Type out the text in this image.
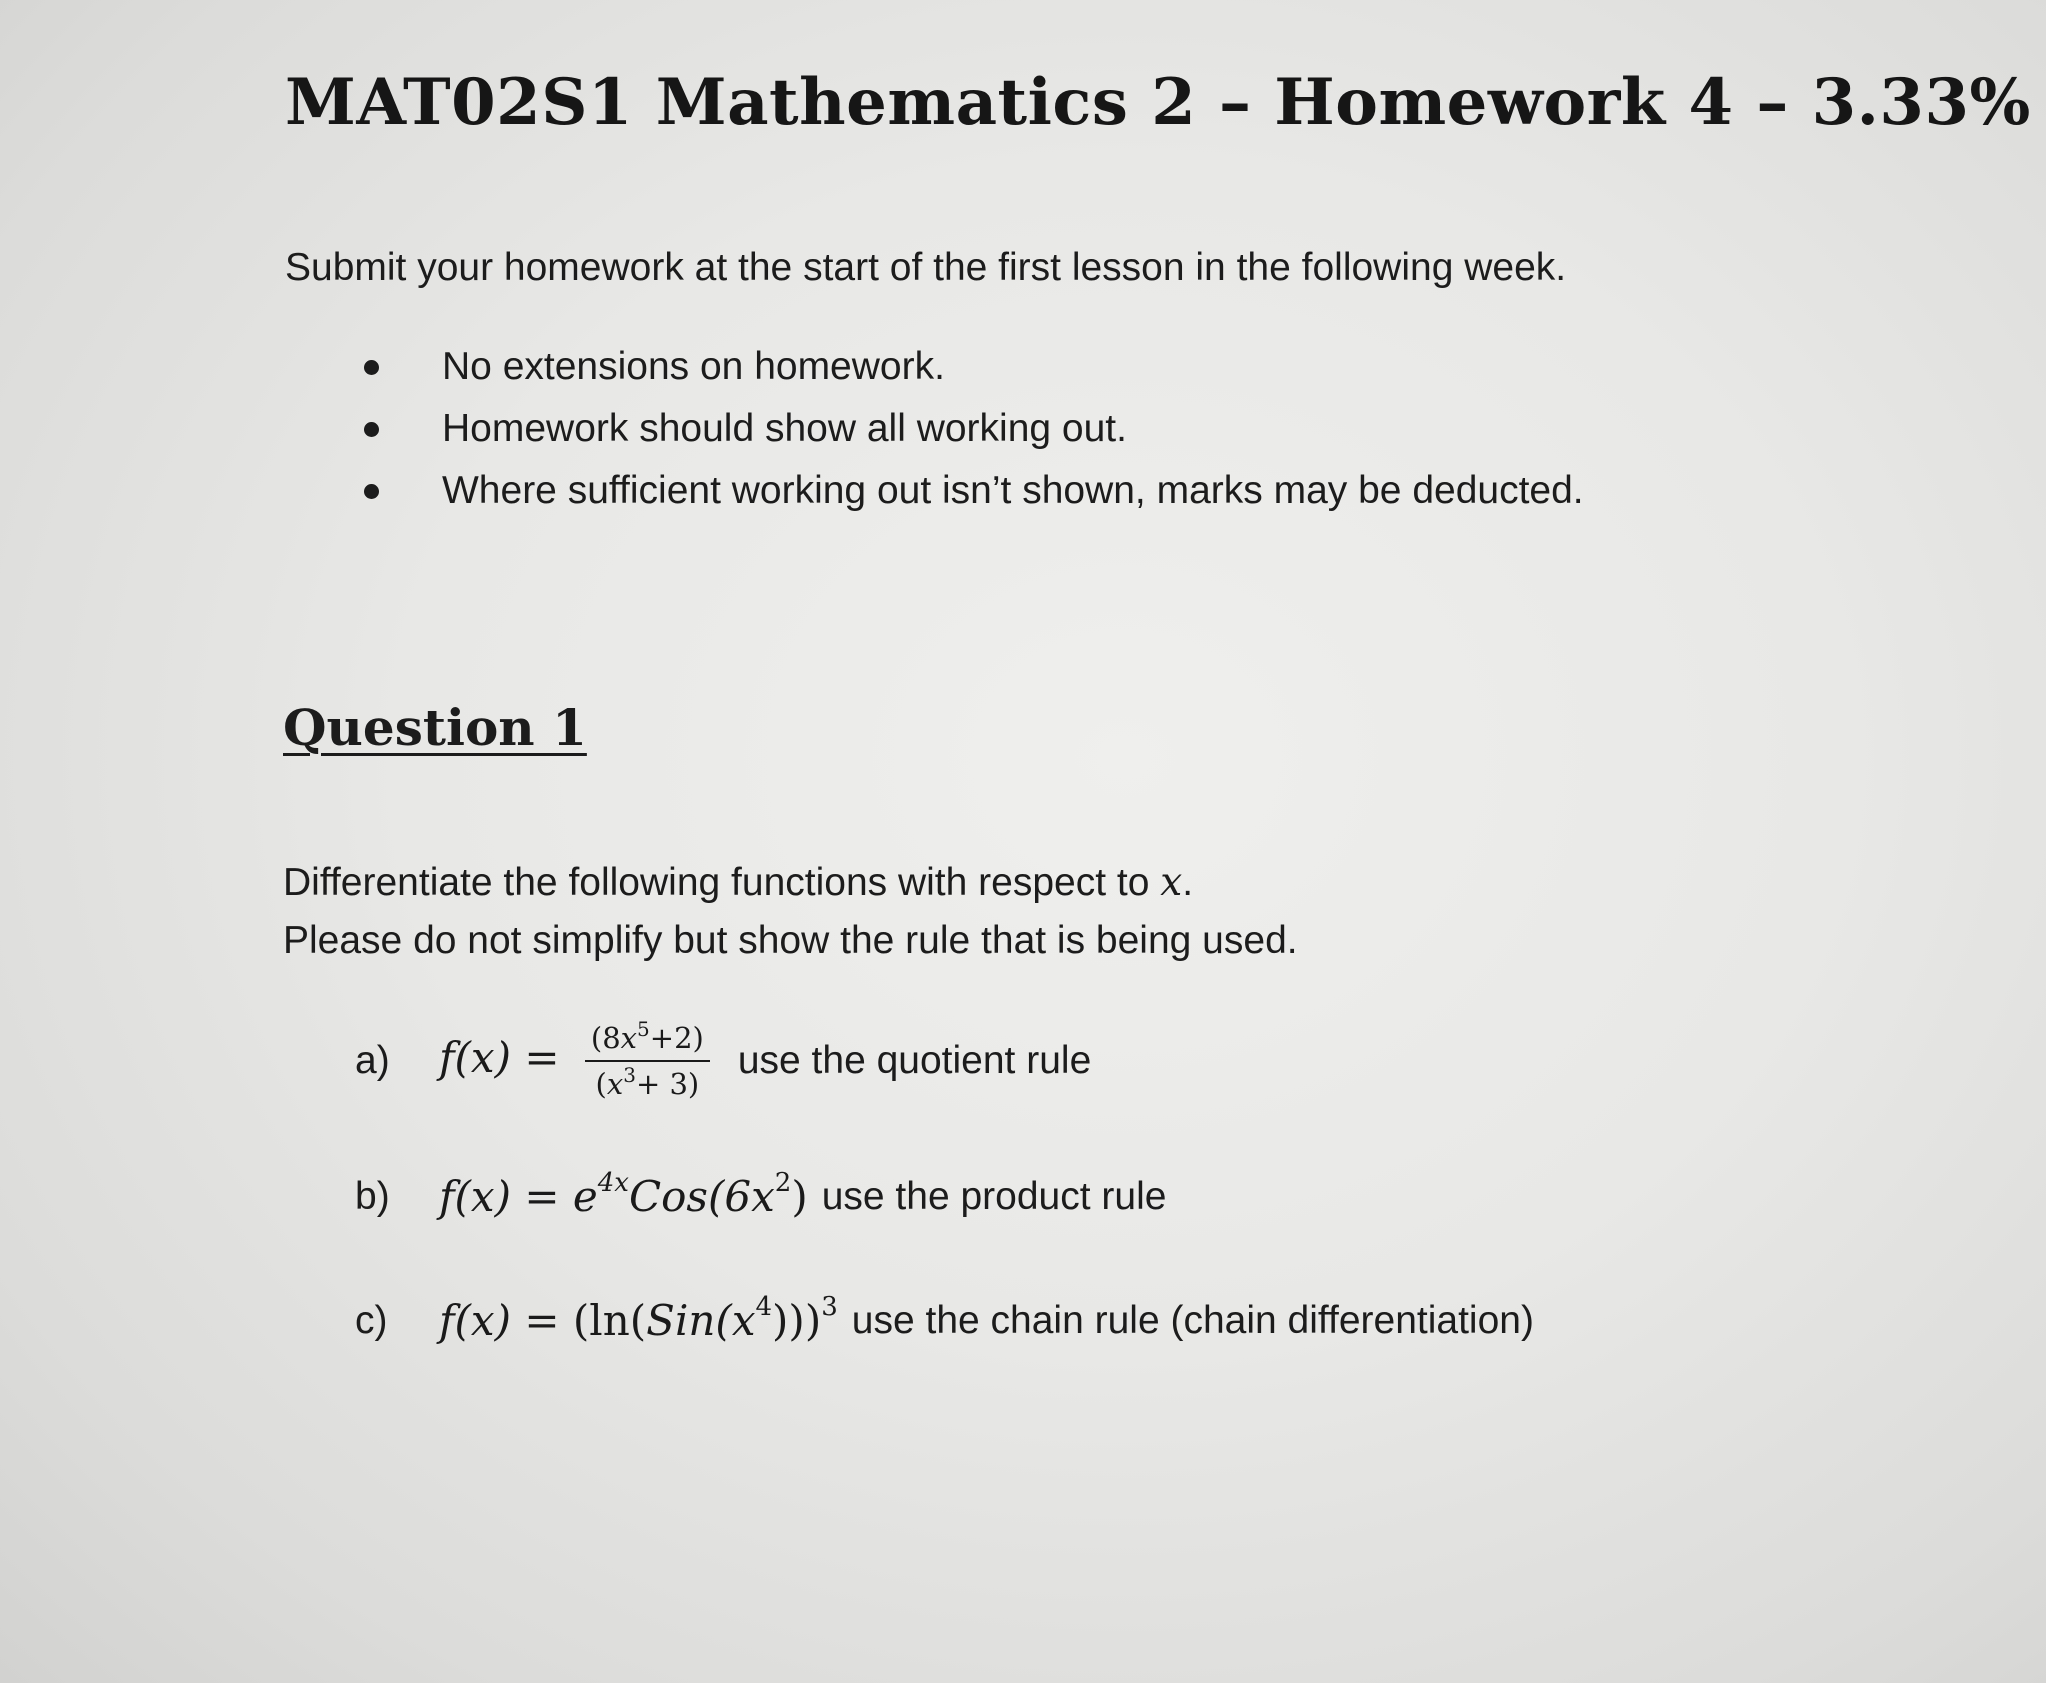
MAT02S1 Mathematics 2 – Homework 4 – 3.33%

Submit your homework at the start of the first lesson in the following week.

No extensions on homework.
Homework should show all working out.
Where sufficient working out isn’t shown, marks may be deducted.
Question 1
Differentiate the following functions with respect to x.
Please do not simplify but show the rule that is being used.
a)	$f(x) = \frac{(8x^5+2)}{(x^3+ 3)}$ use the quotient rule
b)	$f(x) = e^{4x}Cos(6x^2)$ use the product rule
c)	$f(x) = (\ln(Sin(x^4)))^3$ use the chain rule (chain differentiation)
